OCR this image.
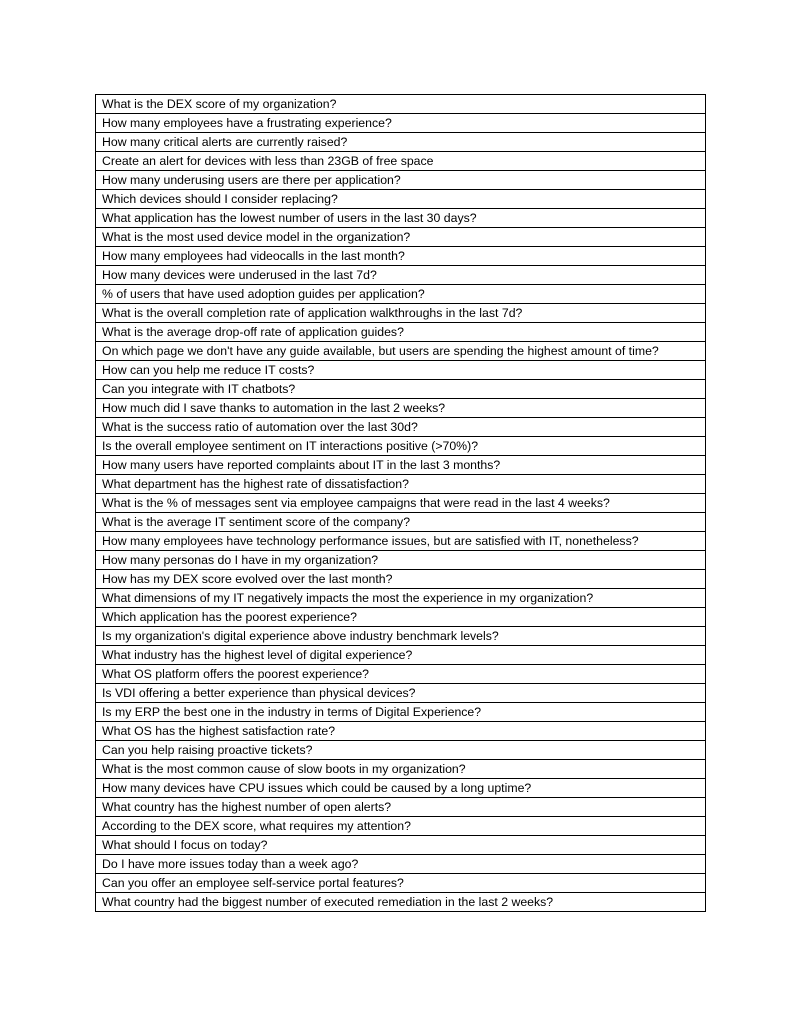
What is the DEX score of my organization?
How many employees have a frustrating experience?
How many critical alerts are currently raised?
Create an alert for devices with less than 23GB of free space
How many underusing users are there per application?
Which devices should I consider replacing?
What application has the lowest number of users in the last 30 days?
What is the most used device model in the organization?
How many employees had videocalls in the last month?
How many devices were underused in the last 7d?
% of users that have used adoption guides per application?
What is the overall completion rate of application walkthroughs in the last 7d?
What is the average drop-off rate of application guides?
On which page we don't have any guide available, but users are spending the highest amount of time?
How can you help me reduce IT costs?
Can you integrate with IT chatbots?
How much did I save thanks to automation in the last 2 weeks?
What is the success ratio of automation over the last 30d?
Is the overall employee sentiment on IT interactions positive (>70%)?
How many users have reported complaints about IT in the last 3 months?
What department has the highest rate of dissatisfaction?
What is the % of messages sent via employee campaigns that were read in the last 4 weeks?
What is the average IT sentiment score of the company?
How many employees have technology performance issues, but are satisfied with IT, nonetheless?
How many personas do I have in my organization?
How has my DEX score evolved over the last month?
What dimensions of my IT negatively impacts the most the experience in my organization?
Which application has the poorest experience?
Is my organization's digital experience above industry benchmark levels?
What industry has the highest level of digital experience?
What OS platform offers the poorest experience?
Is VDI offering a better experience than physical devices?
Is my ERP the best one in the industry in terms of Digital Experience?
What OS has the highest satisfaction rate?
Can you help raising proactive tickets?
What is the most common cause of slow boots in my organization?
How many devices have CPU issues which could be caused by a long uptime?
What country has the highest number of open alerts?
According to the DEX score, what requires my attention?
What should I focus on today?
Do I have more issues today than a week ago?
Can you offer an employee self-service portal features?
What country had the biggest number of executed remediation in the last 2 weeks?
